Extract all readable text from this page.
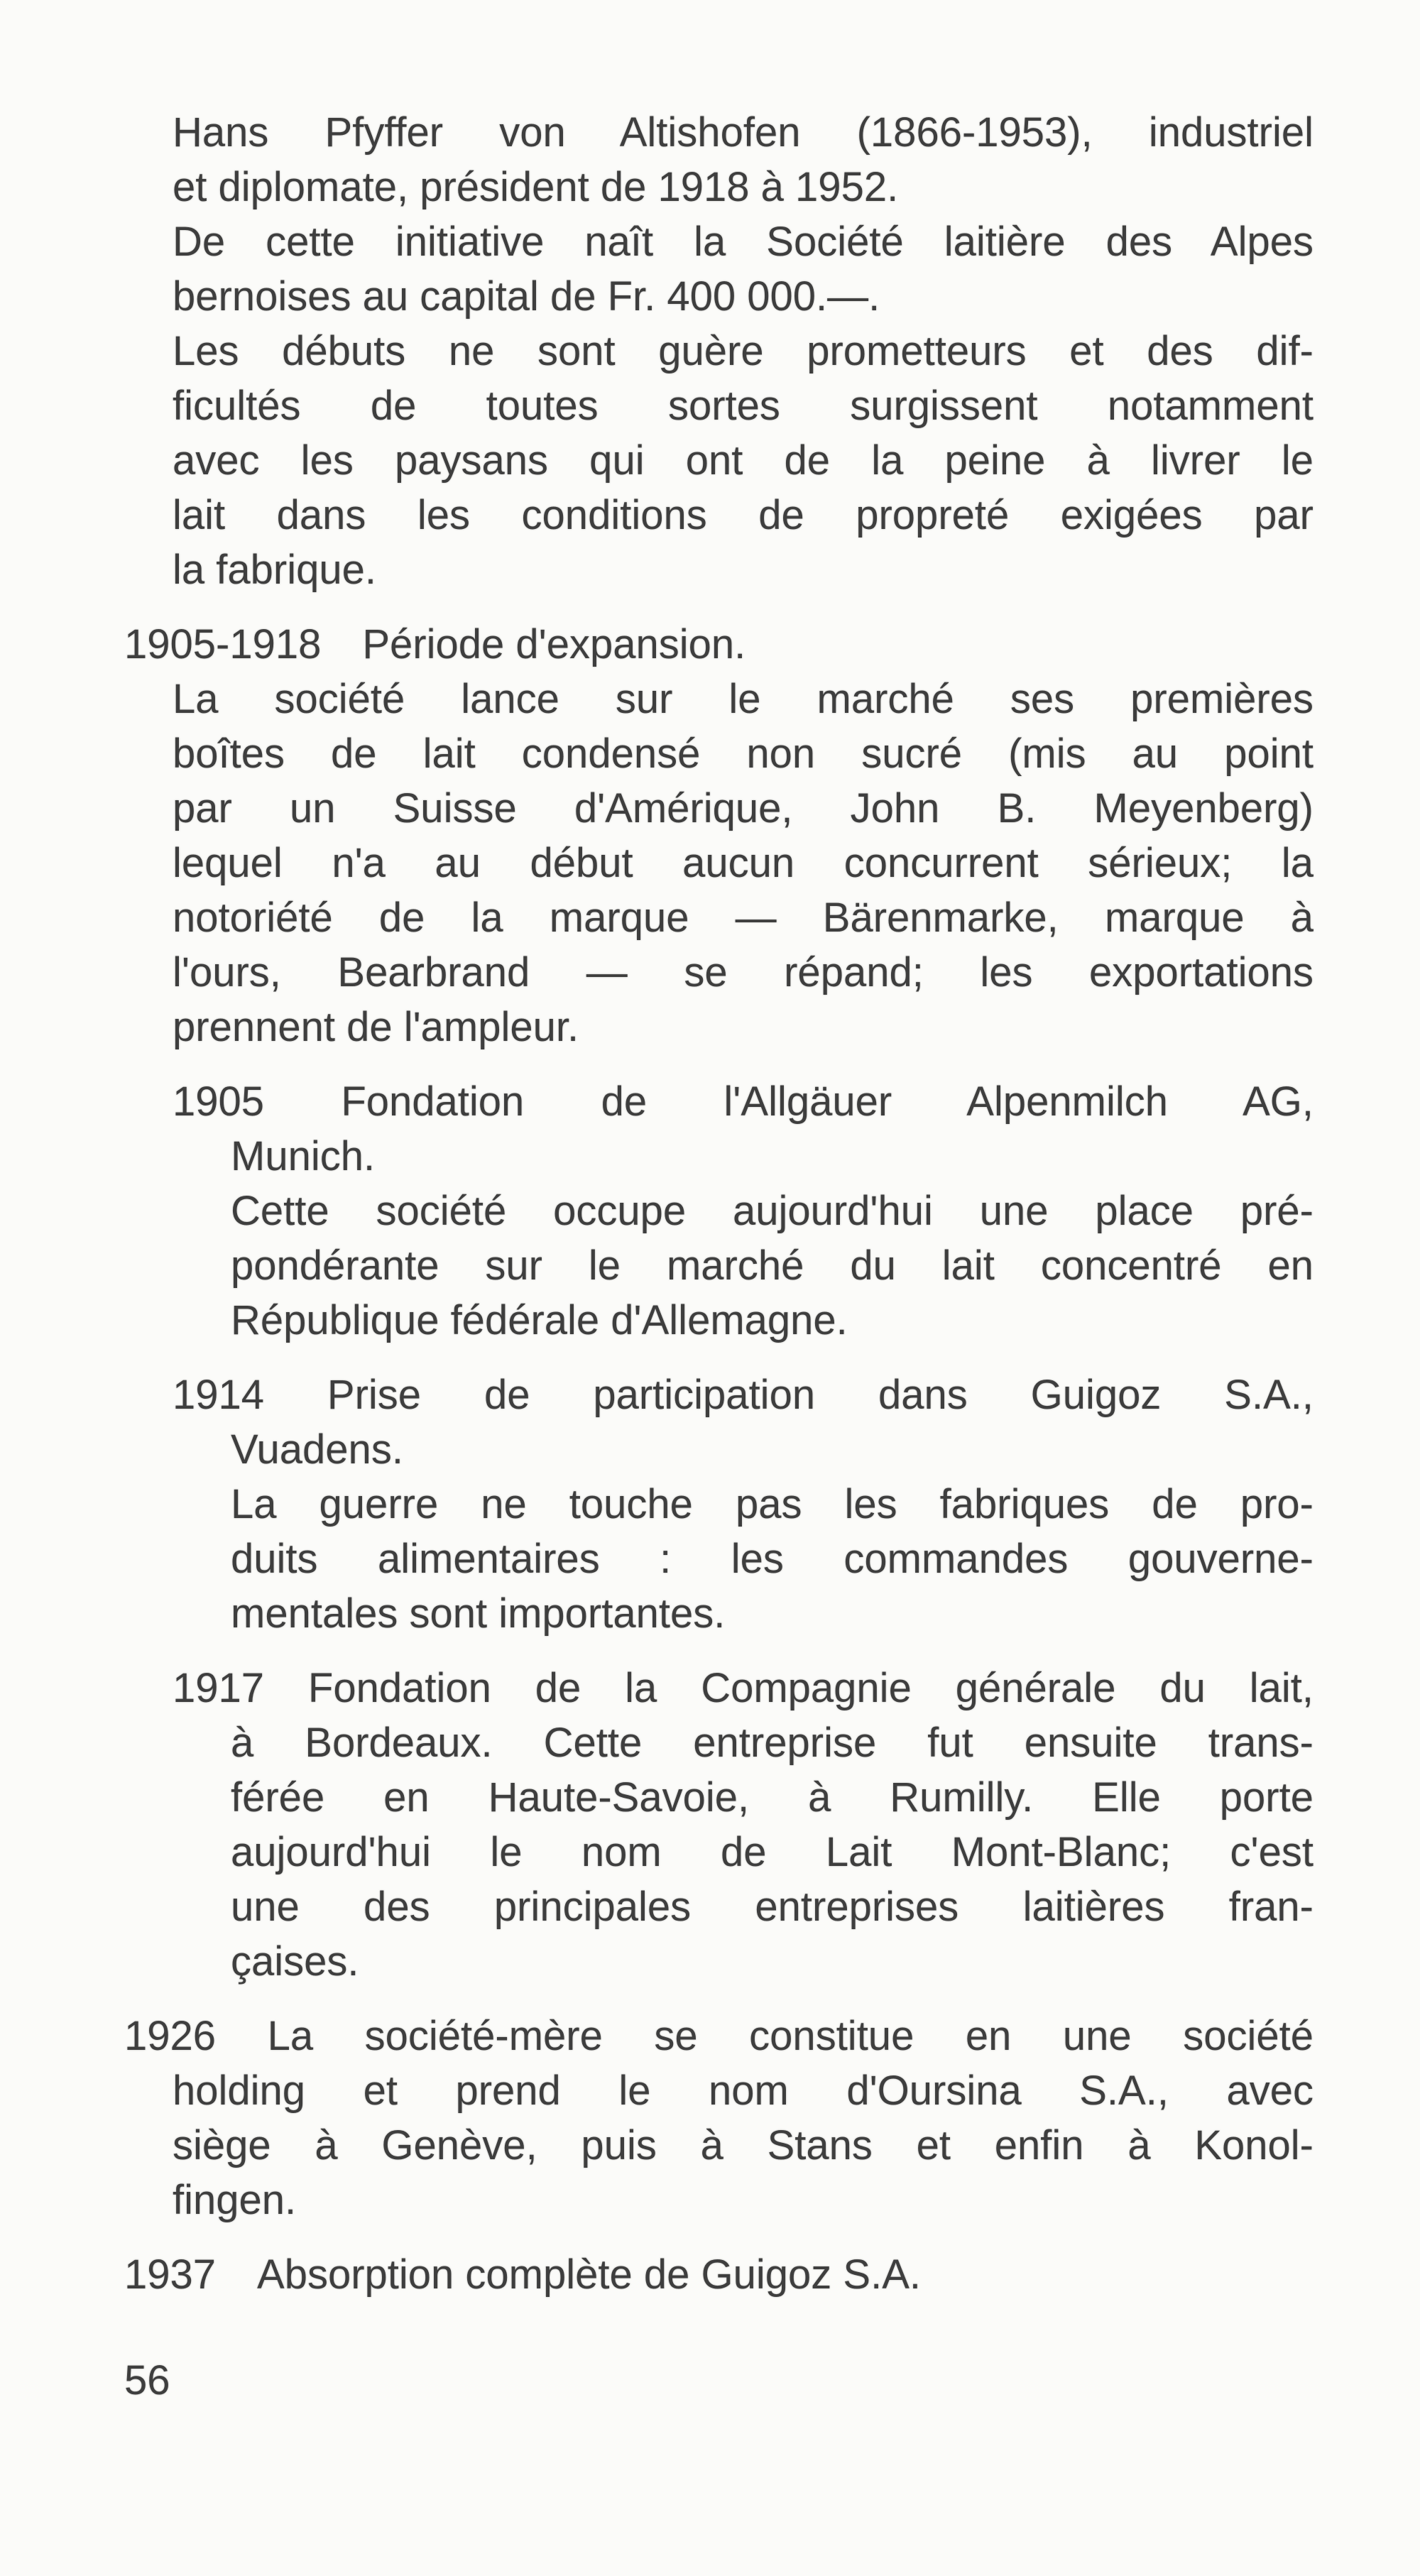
Hans Pfyffer von Altishofen (1866-1953), industriel
et diplomate, président de 1918 à 1952.
De cette initiative naît la Société laitière des Alpes
bernoises au capital de Fr. 400 000.—.
Les débuts ne sont guère prometteurs et des dif-
ficultés de toutes sortes surgissent notamment
avec les paysans qui ont de la peine à livrer le
lait dans les conditions de propreté exigées par
la fabrique.
1905-1918 Période d'expansion.
La société lance sur le marché ses premières
boîtes de lait condensé non sucré (mis au point
par un Suisse d'Amérique, John B. Meyenberg)
lequel n'a au début aucun concurrent sérieux; la
notoriété de la marque — Bärenmarke, marque à
l'ours, Bearbrand — se répand; les exportations
prennent de l'ampleur.
1905 Fondation de l'Allgäuer Alpenmilch AG,
Munich.
Cette société occupe aujourd'hui une place pré-
pondérante sur le marché du lait concentré en
République fédérale d'Allemagne.
1914 Prise de participation dans Guigoz S.A.,
Vuadens.
La guerre ne touche pas les fabriques de pro-
duits alimentaires : les commandes gouverne-
mentales sont importantes.
1917 Fondation de la Compagnie générale du lait,
à Bordeaux. Cette entreprise fut ensuite trans-
férée en Haute-Savoie, à Rumilly. Elle porte
aujourd'hui le nom de Lait Mont-Blanc; c'est
une des principales entreprises laitières fran-
çaises.
1926 La société-mère se constitue en une société
holding et prend le nom d'Oursina S.A., avec
siège à Genève, puis à Stans et enfin à Konol-
fingen.
1937 Absorption complète de Guigoz S.A.
56
